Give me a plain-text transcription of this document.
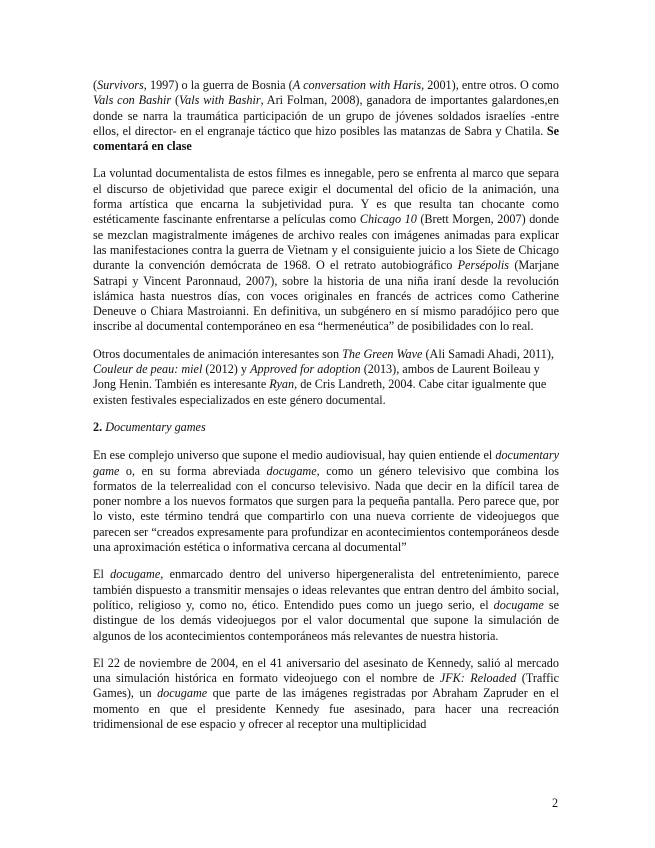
(Survivors, 1997) o la guerra de Bosnia (A conversation with Haris, 2001), entre otros. O como Vals con Bashir (Vals with Bashir, Ari Folman, 2008), ganadora de importantes galardones,en donde se narra la traumática participación de un grupo de jóvenes soldados israelíes -entre ellos, el director- en el engranaje táctico que hizo posibles las matanzas de Sabra y Chatila. Se comentará en clase

La voluntad documentalista de estos filmes es innegable, pero se enfrenta al marco que separa el discurso de objetividad que parece exigir el documental del oficio de la animación, una forma artística que encarna la subjetividad pura. Y es que resulta tan chocante como estéticamente fascinante enfrentarse a películas como Chicago 10 (Brett Morgen, 2007) donde se mezclan magistralmente imágenes de archivo reales con imágenes animadas para explicar las manifestaciones contra la guerra de Vietnam y el consiguiente juicio a los Siete de Chicago durante la convención demócrata de 1968. O el retrato autobiográfico Persépolis (Marjane Satrapi y Vincent Paronnaud, 2007), sobre la historia de una niña iraní desde la revolución islámica hasta nuestros días, con voces originales en francés de actrices como Catherine Deneuve o Chiara Mastroianni. En definitiva, un subgénero en sí mismo paradójico pero que inscribe al documental contemporáneo en esa “hermenéutica” de posibilidades con lo real.

Otros documentales de animación interesantes son The Green Wave (Ali Samadi Ahadi, 2011), Couleur de peau: miel (2012) y Approved for adoption (2013), ambos de Laurent Boileau y Jong Henin. También es interesante Ryan, de Cris Landreth, 2004. Cabe citar igualmente que existen festivales especializados en este género documental.

2. Documentary games

En ese complejo universo que supone el medio audiovisual, hay quien entiende el documentary game o, en su forma abreviada docugame, como un género televisivo que combina los formatos de la telerrealidad con el concurso televisivo. Nada que decir en la difícil tarea de poner nombre a los nuevos formatos que surgen para la pequeña pantalla. Pero parece que, por lo visto, este término tendrá que compartirlo con una nueva corriente de videojuegos que parecen ser “creados expresamente para profundizar en acontecimientos contemporáneos desde una aproximación estética o informativa cercana al documental”

El docugame, enmarcado dentro del universo hipergeneralista del entretenimiento, parece también dispuesto a transmitir mensajes o ideas relevantes que entran dentro del ámbito social, político, religioso y, como no, ético. Entendido pues como un juego serio, el docugame se distingue de los demás videojuegos por el valor documental que supone la simulación de algunos de los acontecimientos contemporáneos más relevantes de nuestra historia.

El 22 de noviembre de 2004, en el 41 aniversario del asesinato de Kennedy, salió al mercado una simulación histórica en formato videojuego con el nombre de JFK: Reloaded (Traffic Games), un docugame que parte de las imágenes registradas por Abraham Zapruder en el momento en que el presidente Kennedy fue asesinado, para hacer una recreación tridimensional de ese espacio y ofrecer al receptor una multiplicidad

2
